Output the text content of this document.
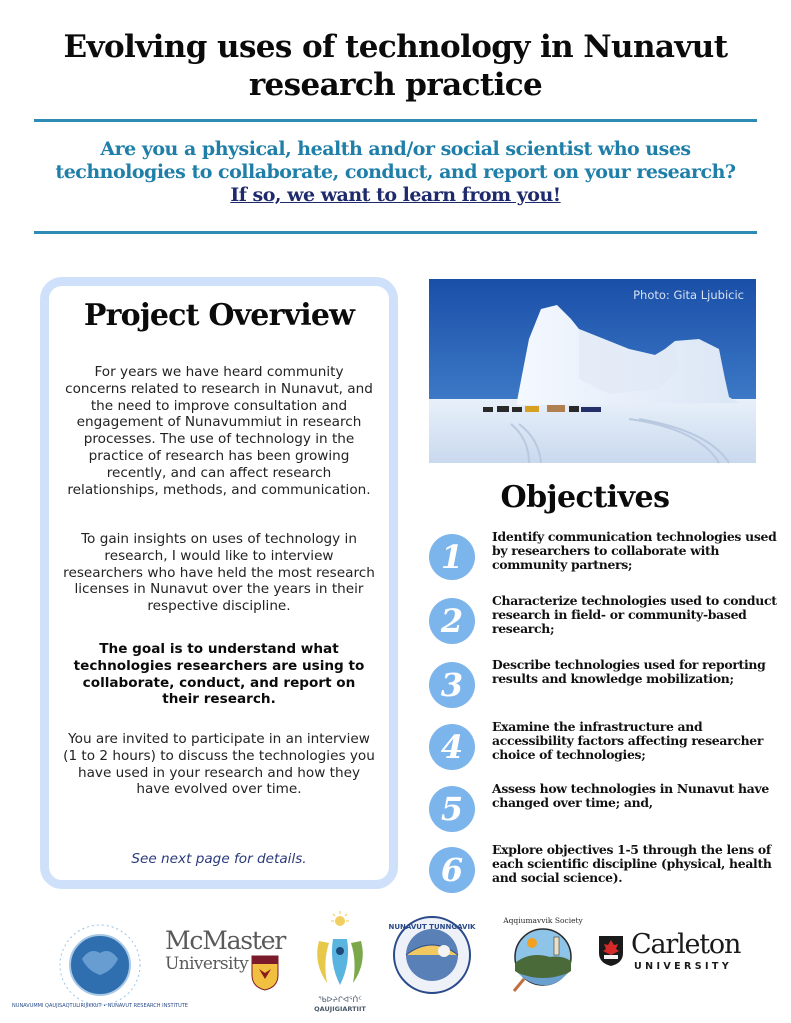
Evolving uses of technology in Nunavut
research practice
Are you a physical, health and/or social scientist who uses
technologies to collaborate, conduct, and report on your research?
If so, we want to learn from you!
Project Overview

For years we have heard community concerns related to research in Nunavut, and the need to improve consultation and engagement of Nunavummiut in research processes. The use of technology in the practice of research has been growing recently, and can affect research relationships, methods, and communication.

To gain insights on uses of technology in research, I would like to interview researchers who have held the most research licenses in Nunavut over the years in their respective discipline.

The goal is to understand what technologies researchers are using to collaborate, conduct, and report on their research.

You are invited to participate in an interview (1 to 2 hours) to discuss the technologies you have used in your research and how they have evolved over time.

See next page for details.

Photo: Gita Ljubicic
Objectives
1
Identify communication technologies used by researchers to collaborate with community partners;
2
Characterize technologies used to conduct research in field- or community-based research;
3
Describe technologies used for reporting results and knowledge mobilization;
4
Examine the infrastructure and accessibility factors affecting researcher choice of technologies;
5
Assess how technologies in Nunavut have changed over time; and,
6
Explore objectives 1-5 through the lens of each scientific discipline (physical, health and social science).
NUNAVUMMI QAUJISAQTULIRIJIKKUT • NUNAVUT RESEARCH INSTITUTE
McMaster
University
ᖃᐅᔨᒋᐊᕐᑏᑦ
QAUJIGIARTIIT
NUNAVUT TUNNGAVIK
Aqqiumavvik Society
Carleton
UNIVERSITY
